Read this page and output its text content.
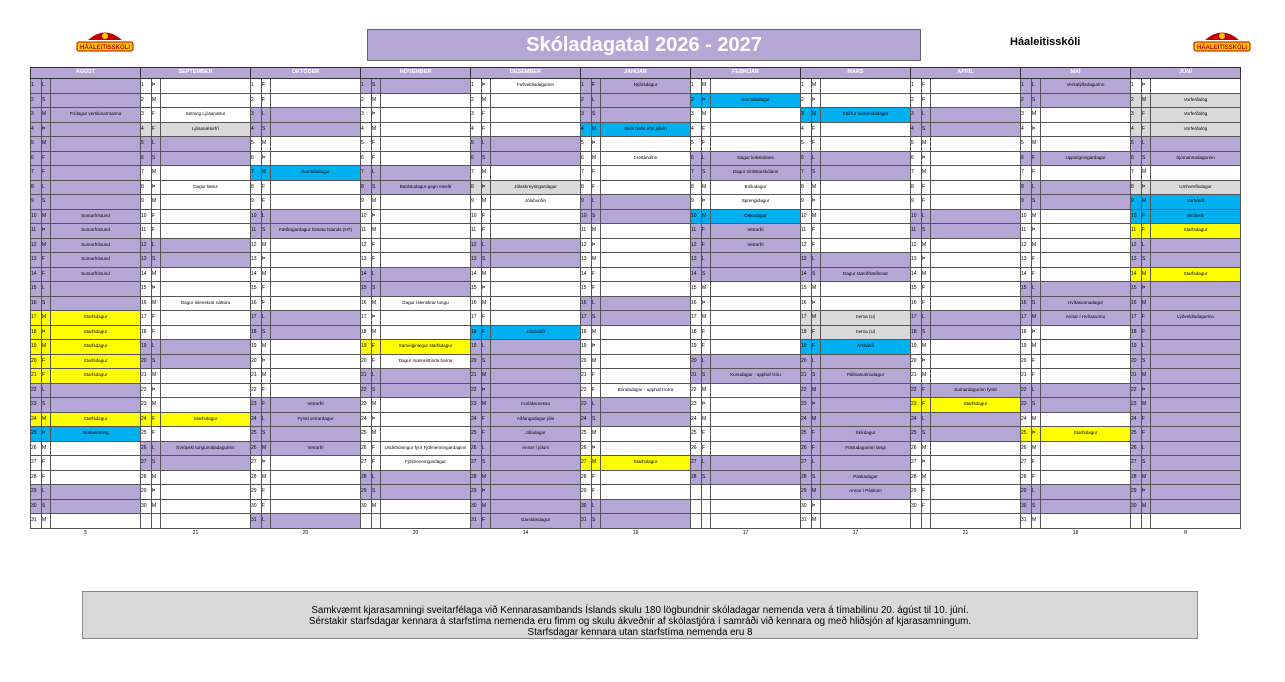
HÁALEITISSKÓLI	Skóladagatal 2026 - 2027	Háaleitisskóli	HÁALEITISSKÓLI
ÁGÚST			SEPTEMBER			OKTÓBER			NÓVEMBER			DESEMBER			JANÚAR			FEBRÚAR			MARS			APRÍL			MAÍ			JÚNÍ		
1	L		1	Þ		1	F		1	S		1	Þ	Fullveldisdagurinn	1	F	Nýársdagur	1	M		1	M		1	F		1	L	Verkalýðsdagurinn	1	Þ	
2	S		2	M		2	F		2	M		2	M		2	L		2	Þ	Samtaladagur	2	Þ		2	F		2	S		2	M	Vorferðalög
3	M	Frídagur verslunarmanna	3	F	Setning Ljósanætur	3	L		3	Þ		3	F		3	S		3	M		3	M	Stórfur nemendadagur	3	L		3	M		3	F	Vorferðalög
4	Þ		4	F	Ljósanæturfrí	4	S		4	M		4	F		4	M	Skóli hefst eftir jólafrí	4	F		4	F		4	S		4	Þ		4	F	Vorferðalög
5	M		5	L		5	M		5	F		5	L		5	Þ		5	F		5	F		5	M		5	M		5	L	
6	F		6	S		6	Þ		6	F		6	S		6	M	Þrettándinn	6	L	Dagur leikskólans	6	L		6	Þ		6	F	Uppstigningardagur	6	S	Sjómannadagurinn
7	F		7	M		7	M	Samtaladagur	7	L		7	M		7	F		7	S	Dagur tónlistarskólans	7	S		7	M		7	F		7	M	
8	L		8	Þ	Dagur læsis	8	F		8	S	Baráttudagur gegn einelti	8	Þ	Jólaskreytingardagur	8	F		8	M	Bolludagur	8	M		8	F		8	L		8	Þ	Umhverfisdagur
9	S		9	M		9	F		9	M		9	M	Jólahurðin	9	L		9	Þ	Sprengidagur	9	Þ		9	F		9	S		9	M	Vorhátíð
10	M	Sumarfrístund	10	F		10	L		10	Þ		10	F		10	S		10	M	Öskudagur	10	M		10	L		10	M		10	F	Skólaslit
11	Þ	Sumarfrístund	11	F		11	S	Fæðingardagur forseta Íslands (HT)	11	M		11	F		11	M		11	F	Vetrarfrí	11	F		11	S		11	Þ		11	F	Starfsdagur
12	M	Sumarfrístund	12	L		12	M		12	F		12	L		12	Þ		12	F	Vetrarfrí	12	F		12	M		12	M		12	L	
13	F	Sumarfrístund	13	S		13	Þ		13	F		13	S		13	M		13	L		13	L		13	Þ		13	F		13	S	
14	F	Sumarfrístund	14	M		14	M		14	L		14	M		14	F		14	S		14	S	Dagur stærðfræðinnar	14	M		14	F		14	M	Starfsdagur
15	L		15	Þ		15	F		15	S		15	Þ		15	F		15	M		15	M		15	F		15	L		15	Þ	
16	S		16	M	Dagur íslenskrar náttúru	16	F		16	M	Dagur íslenskrar tungu	16	M		16	L		16	Þ		16	Þ		16	F		16	S	Hvítasunnudagur	16	M	
17	M	Starfsdagur	17	F		17	L		17	Þ		17	F		17	S		17	M		17	M	Þema (U)	17	L		17	M	Annar í Hvítasunnu	17	F	Lýðveldisdagurinn
18	Þ	Starfsdagur	18	F		18	S		18	M		18	F	Jólahátíð	18	M		18	F		18	F	Þema (U)	18	S		18	Þ		18	F	
19	M	Starfsdagur	19	L		19	M		19	F	Sameiginlegur starfsdagur	19	L		19	Þ		19	F		19	F	Árshátíð	19	M		19	M		19	L	
20	F	Starfsdagur	20	S		20	Þ		20	F	Dagur mannréttinda barna	20	S		20	M		20	L		20	L		20	Þ		20	F		20	S	
21	F	Starfsdagur	21	M		21	M		21	L		21	M		21	F		21	S	Konudagur - upphaf Góu	21	S	Pálmasunnudagur	21	M		21	F		21	M	
22	L		22	Þ		22	F		22	S		22	Þ		22	F	Bóndadagur - upphaf Þorra	22	M		22	M		22	F	Sumardagurinn fyrsti	22	L		22	Þ	
23	S		23	M		23	F	Vetrarfrí	23	M		23	M	Þorláksmessa	23	L		23	Þ		23	Þ		23	F	Starfsdagur	23	S		23	M	
24	M	Starfsdagur	24	F	Starfsdagur	24	L	Fyrsti vetrardagur	24	Þ		24	F	Aðfangadagur jóla	24	S		24	M		24	M		24	L		24	M		24	F	
25	Þ	Skólasetning	25	F		25	S		25	M		25	F	Jóladagur	25	M		25	F		25	F	Skírdagur	25	S		25	Þ	Starfsdagur	25	F	
26	M		26	L	Evrópski tungumáladagurinn	26	M	Vetrarfrí	26	F	Undirbúningur fyrir Fjölmenningardaginn	26	L	Annar í jólum	26	Þ		26	F		26	F	Föstudagurinn langi	26	M		26	M		26	L	
27	F		27	S		27	Þ		27	F	Fjölmenningardagur	27	S		27	M	Starfsdagur	27	L		27	L		27	Þ		27	F		27	S	
28	F		28	M		28	M		28	L		28	M		28	F		28	S		28	S	Páskadagur	28	M		28	F		28	M	
29	L		29	Þ		29	F		29	S		29	Þ		29	F					29	M	Annar í Páskum	29	F		29	L		29	Þ	
30	S		30	M		30	F		30	M		30	M		30	L					30	Þ		30	F		30	S		30	M	
31	M					31	L					31	F	Gamlársdagur	31	S					31	M					31	M				
5			21			20			20			14			19			17			17			21			18			8		
Samkvæmt kjarasamningi sveitarfélaga við Kennarasambands Íslands skulu 180 lögbundnir skóladagar nemenda vera á tímabilinu 20. ágúst til 10. júní.
Sérstakir starfsdagar kennara á starfstíma nemenda eru fimm og skulu ákveðnir af skólastjóra í samráði við kennara og með hliðsjón af kjarasamningum.
Starfsdagar kennara utan starfstíma nemenda eru 8
